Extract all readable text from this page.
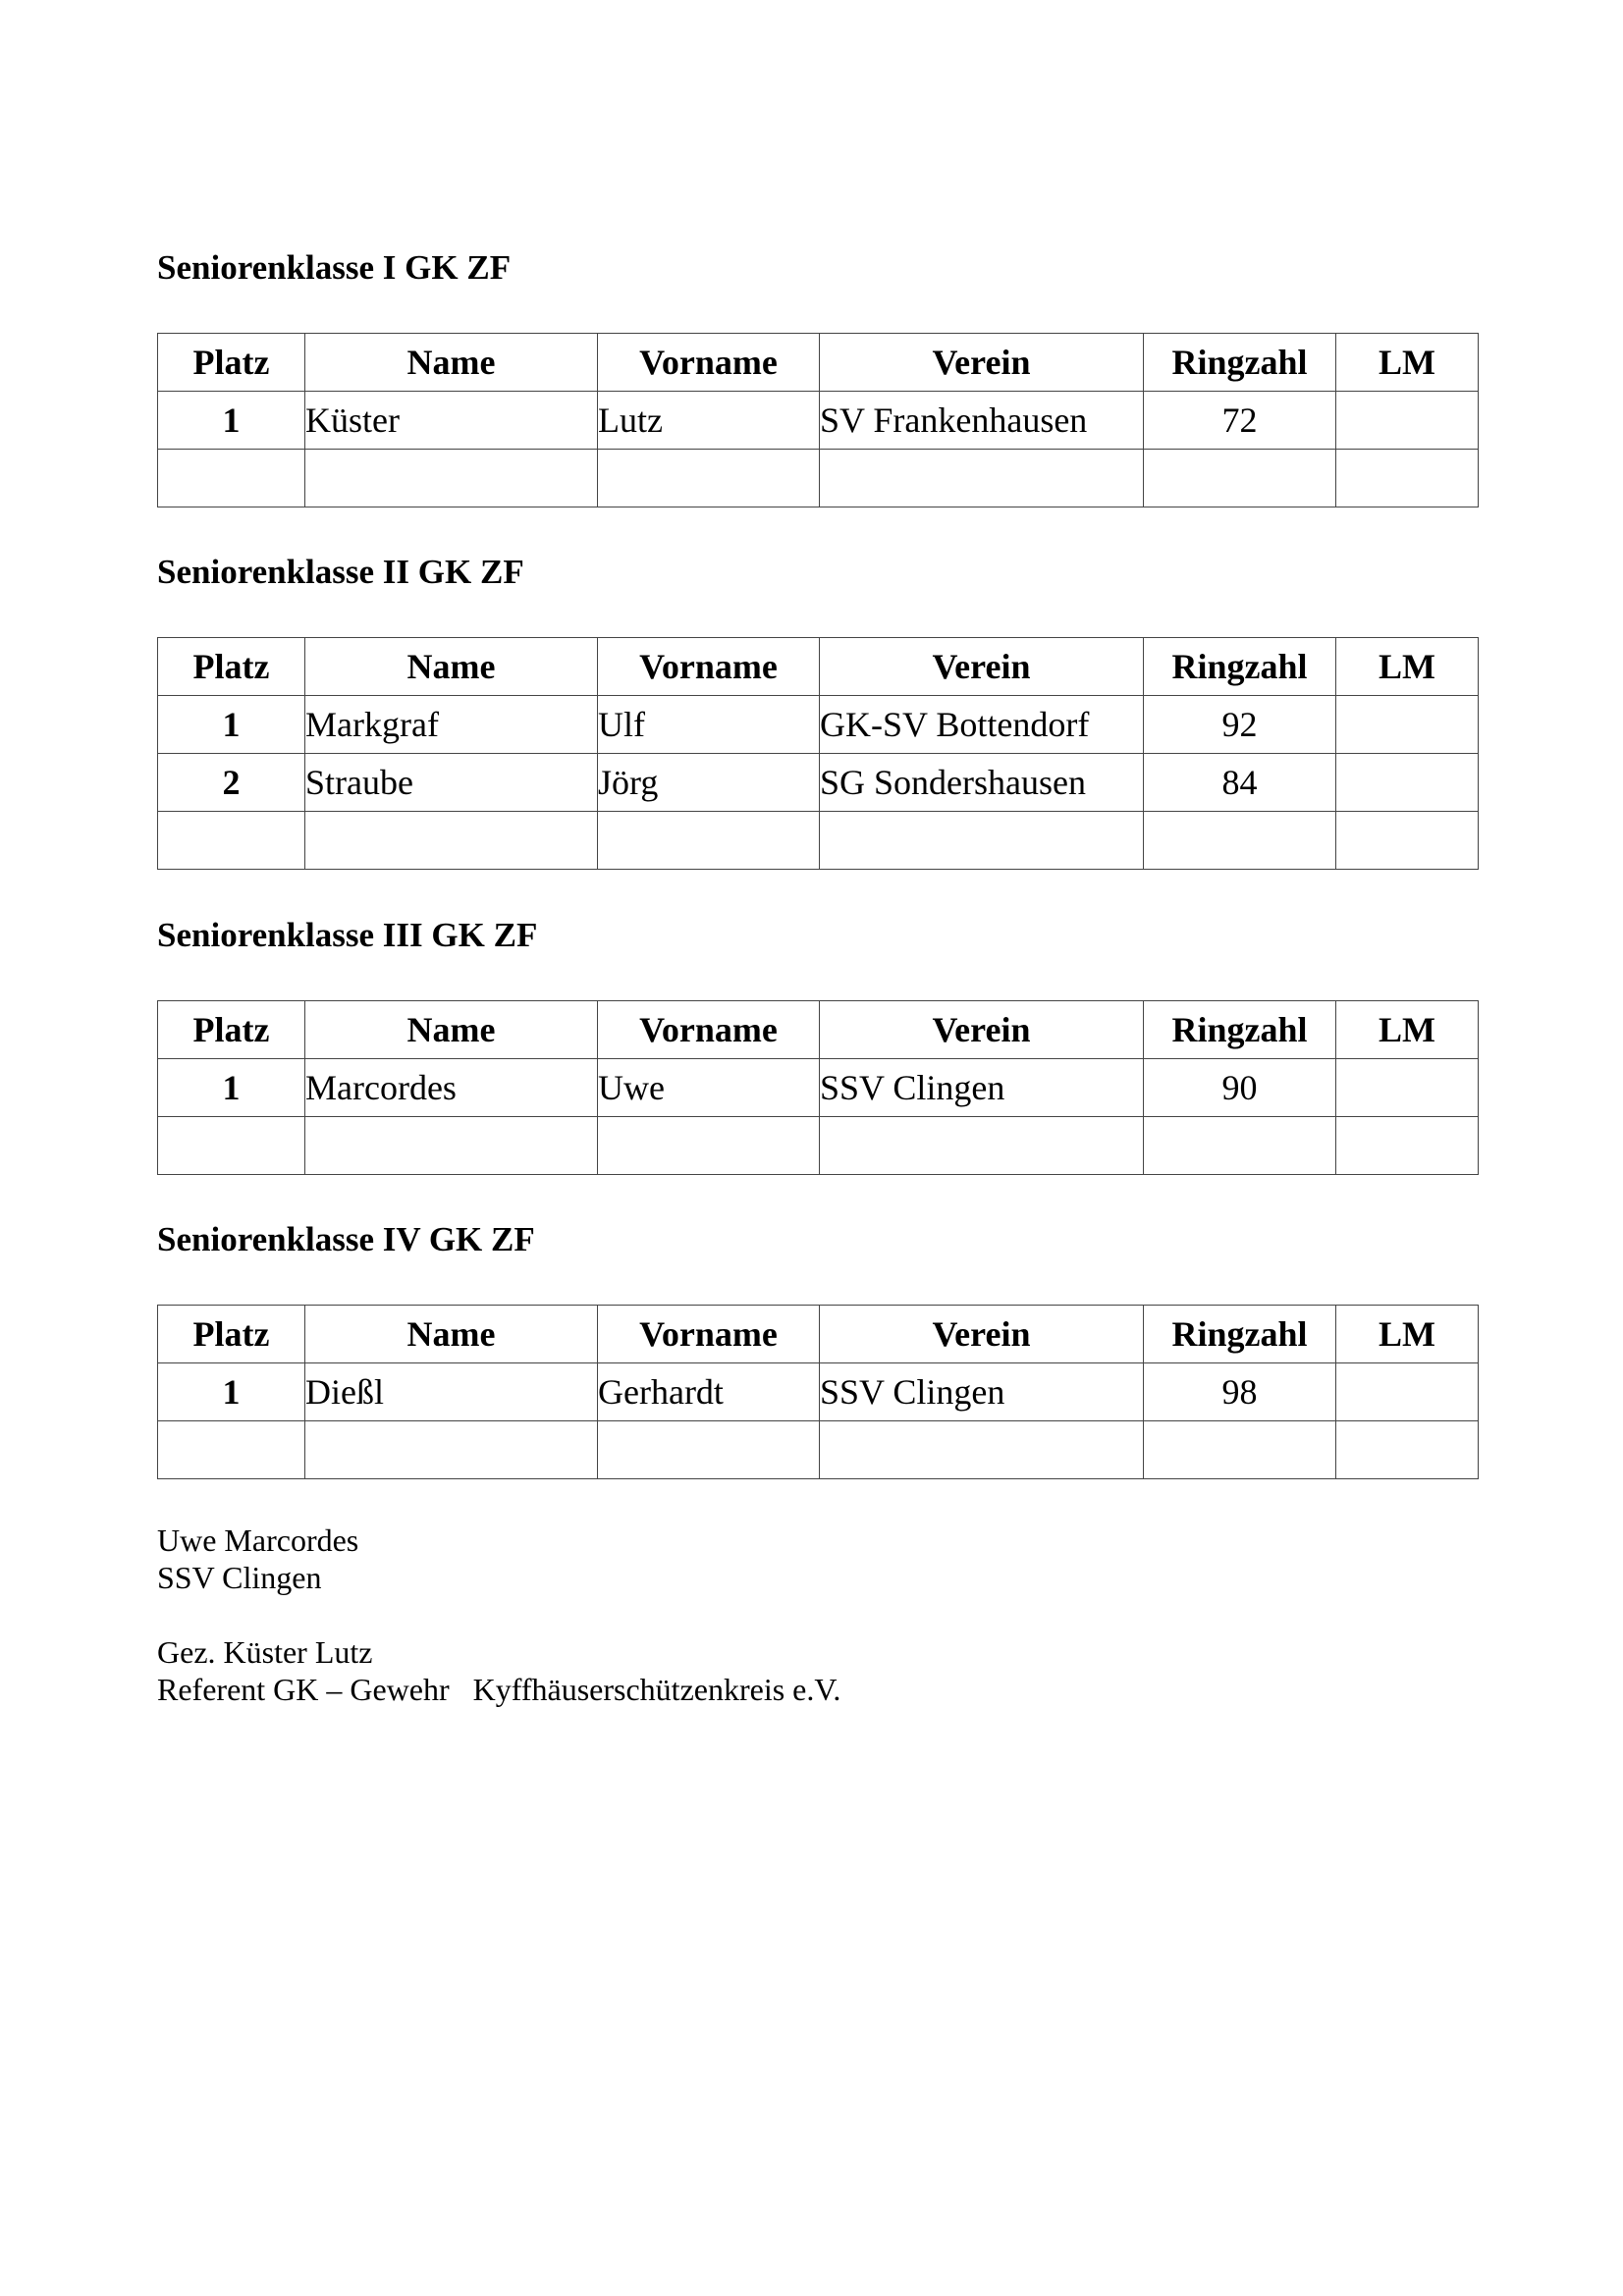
Seniorenklasse I GK ZF
Platz	Name	Vorname	Verein	Ringzahl	LM
1	Küster	Lutz	SV Frankenhausen	72	

Seniorenklasse II GK ZF
Platz	Name	Vorname	Verein	Ringzahl	LM
1	Markgraf	Ulf	GK-SV Bottendorf	92	
2	Straube	Jörg	SG Sondershausen	84	

Seniorenklasse III GK ZF
Platz	Name	Vorname	Verein	Ringzahl	LM
1	Marcordes	Uwe	SSV Clingen	90	

Seniorenklasse IV GK ZF
Platz	Name	Vorname	Verein	Ringzahl	LM
1	Dießl	Gerhardt	SSV Clingen	98	

Uwe Marcordes
SSV Clingen
Gez. Küster Lutz
Referent GK – Gewehr   Kyffhäuserschützenkreis e.V.
